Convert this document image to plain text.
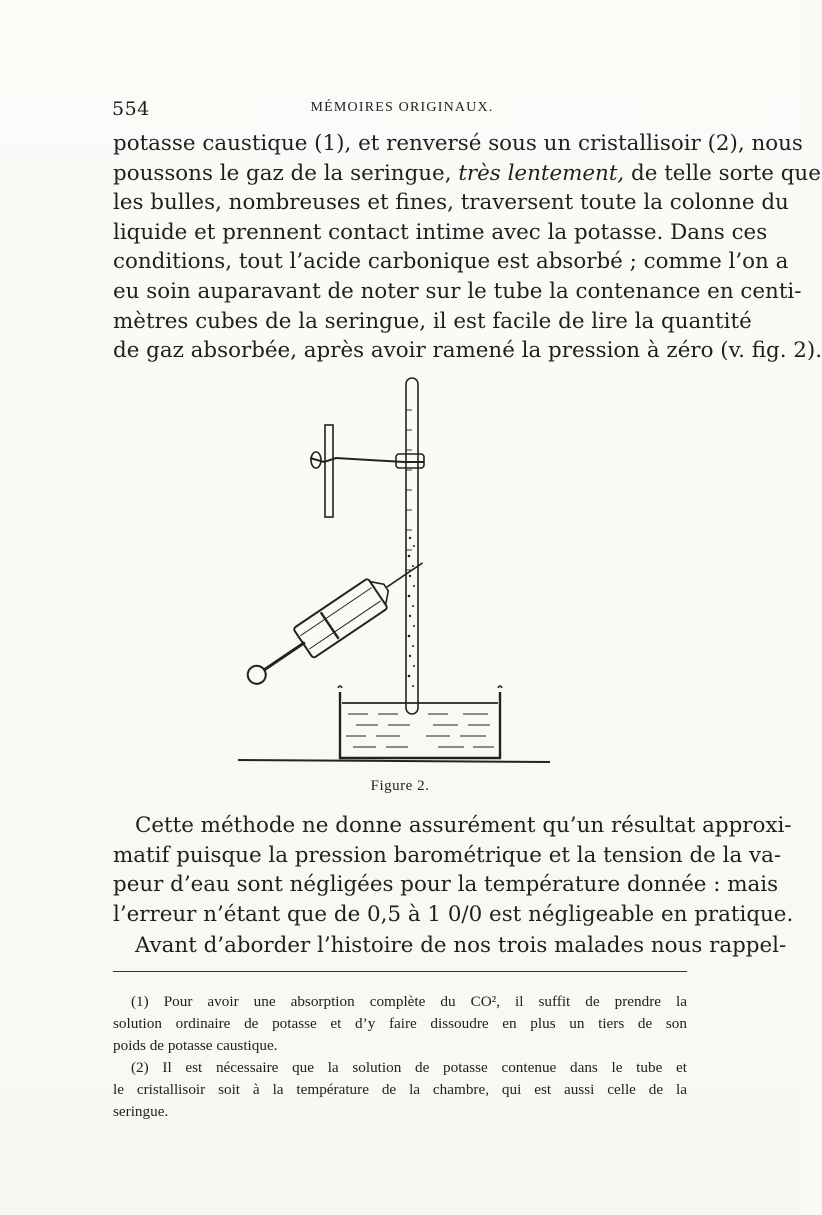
554	MÉMOIRES ORIGINAUX.
potasse caustique (1), et renversé sous un cristallisoir (2), nous
poussons le gaz de la seringue, très lentement, de telle sorte que
les bulles, nombreuses et fines, traversent toute la colonne du
liquide et prennent contact intime avec la potasse. Dans ces
conditions, tout l’acide carbonique est absorbé ; comme l’on a
eu soin auparavant de noter sur le tube la contenance en centi-
mètres cubes de la seringue, il est facile de lire la quantité
de gaz absorbée, après avoir ramené la pression à zéro (v. fig. 2).
Figure 2.
Cette méthode ne donne assurément qu’un résultat approxi-
matif puisque la pression barométrique et la tension de la va-
peur d’eau sont négligées pour la température donnée : mais
l’erreur n’étant que de 0,5 à 1 0/0 est négligeable en pratique.
Avant d’aborder l’histoire de nos trois malades nous rappel-
(1) Pour avoir une absorption complète du CO², il suffit de prendre la
solution ordinaire de potasse et d’y faire dissoudre en plus un tiers de son
poids de potasse caustique.
(2) Il est nécessaire que la solution de potasse contenue dans le tube et
le cristallisoir soit à la température de la chambre, qui est aussi celle de la
seringue.
